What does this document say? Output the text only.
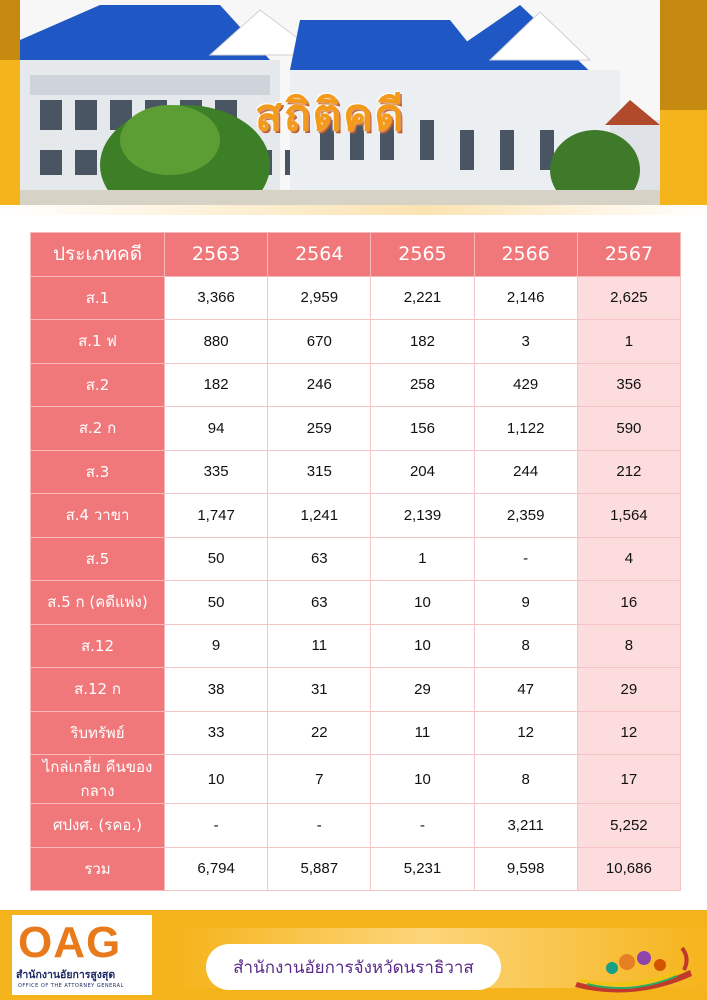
สถิติคดี
ประเภทคดี	2563	2564	2565	2566	2567
ส.1	3,366	2,959	2,221	2,146	2,625
ส.1 ฟ	880	670	182	3	1
ส.2	182	246	258	429	356
ส.2 ก	94	259	156	1,122	590
ส.3	335	315	204	244	212
ส.4 วาขา	1,747	1,241	2,139	2,359	1,564
ส.5	50	63	1	-	4
ส.5 ก (คดีแพ่ง)	50	63	10	9	16
ส.12	9	11	10	8	8
ส.12 ก	38	31	29	47	29
ริบทรัพย์	33	22	11	12	12
ไกล่เกลี่ย คืนของกลาง	10	7	10	8	17
ศปงศ. (รคอ.)	-	-	-	3,211	5,252
รวม	6,794	5,887	5,231	9,598	10,686
OAG
สำนักงานอัยการสูงสุด
OFFICE OF THE ATTORNEY GENERAL
สำนักงานอัยการจังหวัดนราธิวาส
